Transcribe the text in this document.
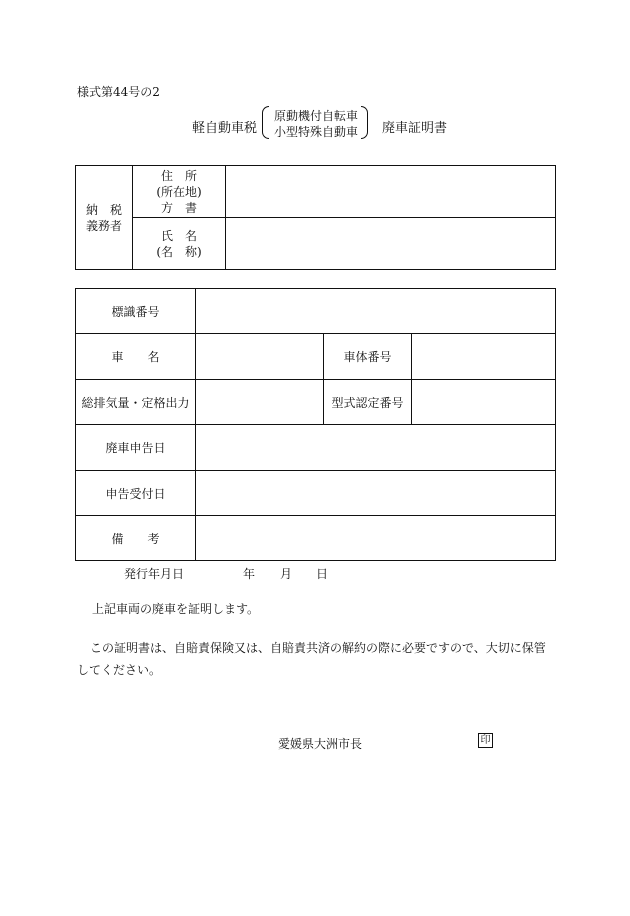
様式第44号の2
軽自動車税
原動機付自転車
小型特殊自動車 廃車証明書
納　税
義務者	住　所
(所在地)
方　書	

	氏　名
(名　称)	

標識番号			
車　　名		車体番号	
総排気量・定格出力		型式認定番号	
廃車申告日			
申告受付日			
備　　考			
発行年月日	年 月 日
上記車両の廃車を証明します。
この証明書は、自賠責保険又は、自賠責共済の解約の際に必要ですので、大切に保管してください。
愛媛県大洲市長	印
